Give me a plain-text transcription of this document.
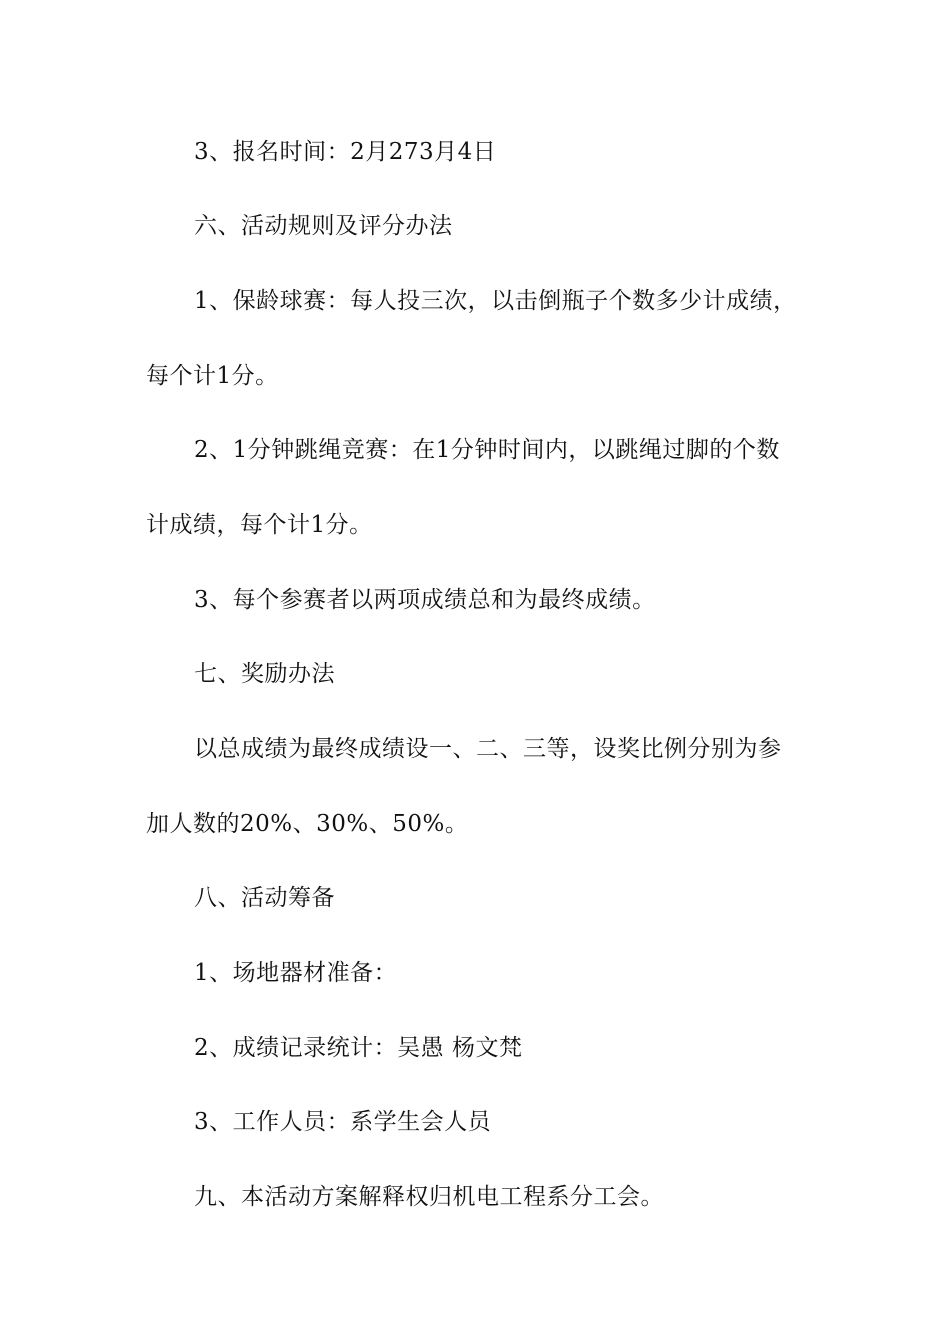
3、报名时间：2月273月4日
六、活动规则及评分办法
1、保龄球赛：每人投三次，以击倒瓶子个数多少计成绩，
每个计1分。
2、1分钟跳绳竞赛：在1分钟时间内，以跳绳过脚的个数
计成绩，每个计1分。
3、每个参赛者以两项成绩总和为最终成绩。
七、奖励办法
以总成绩为最终成绩设一、二、三等，设奖比例分别为参
加人数的20%、30%、50%。
八、活动筹备
1、场地器材准备：
2、成绩记录统计：吴愚 杨文梵
3、工作人员：系学生会人员
九、本活动方案解释权归机电工程系分工会。
